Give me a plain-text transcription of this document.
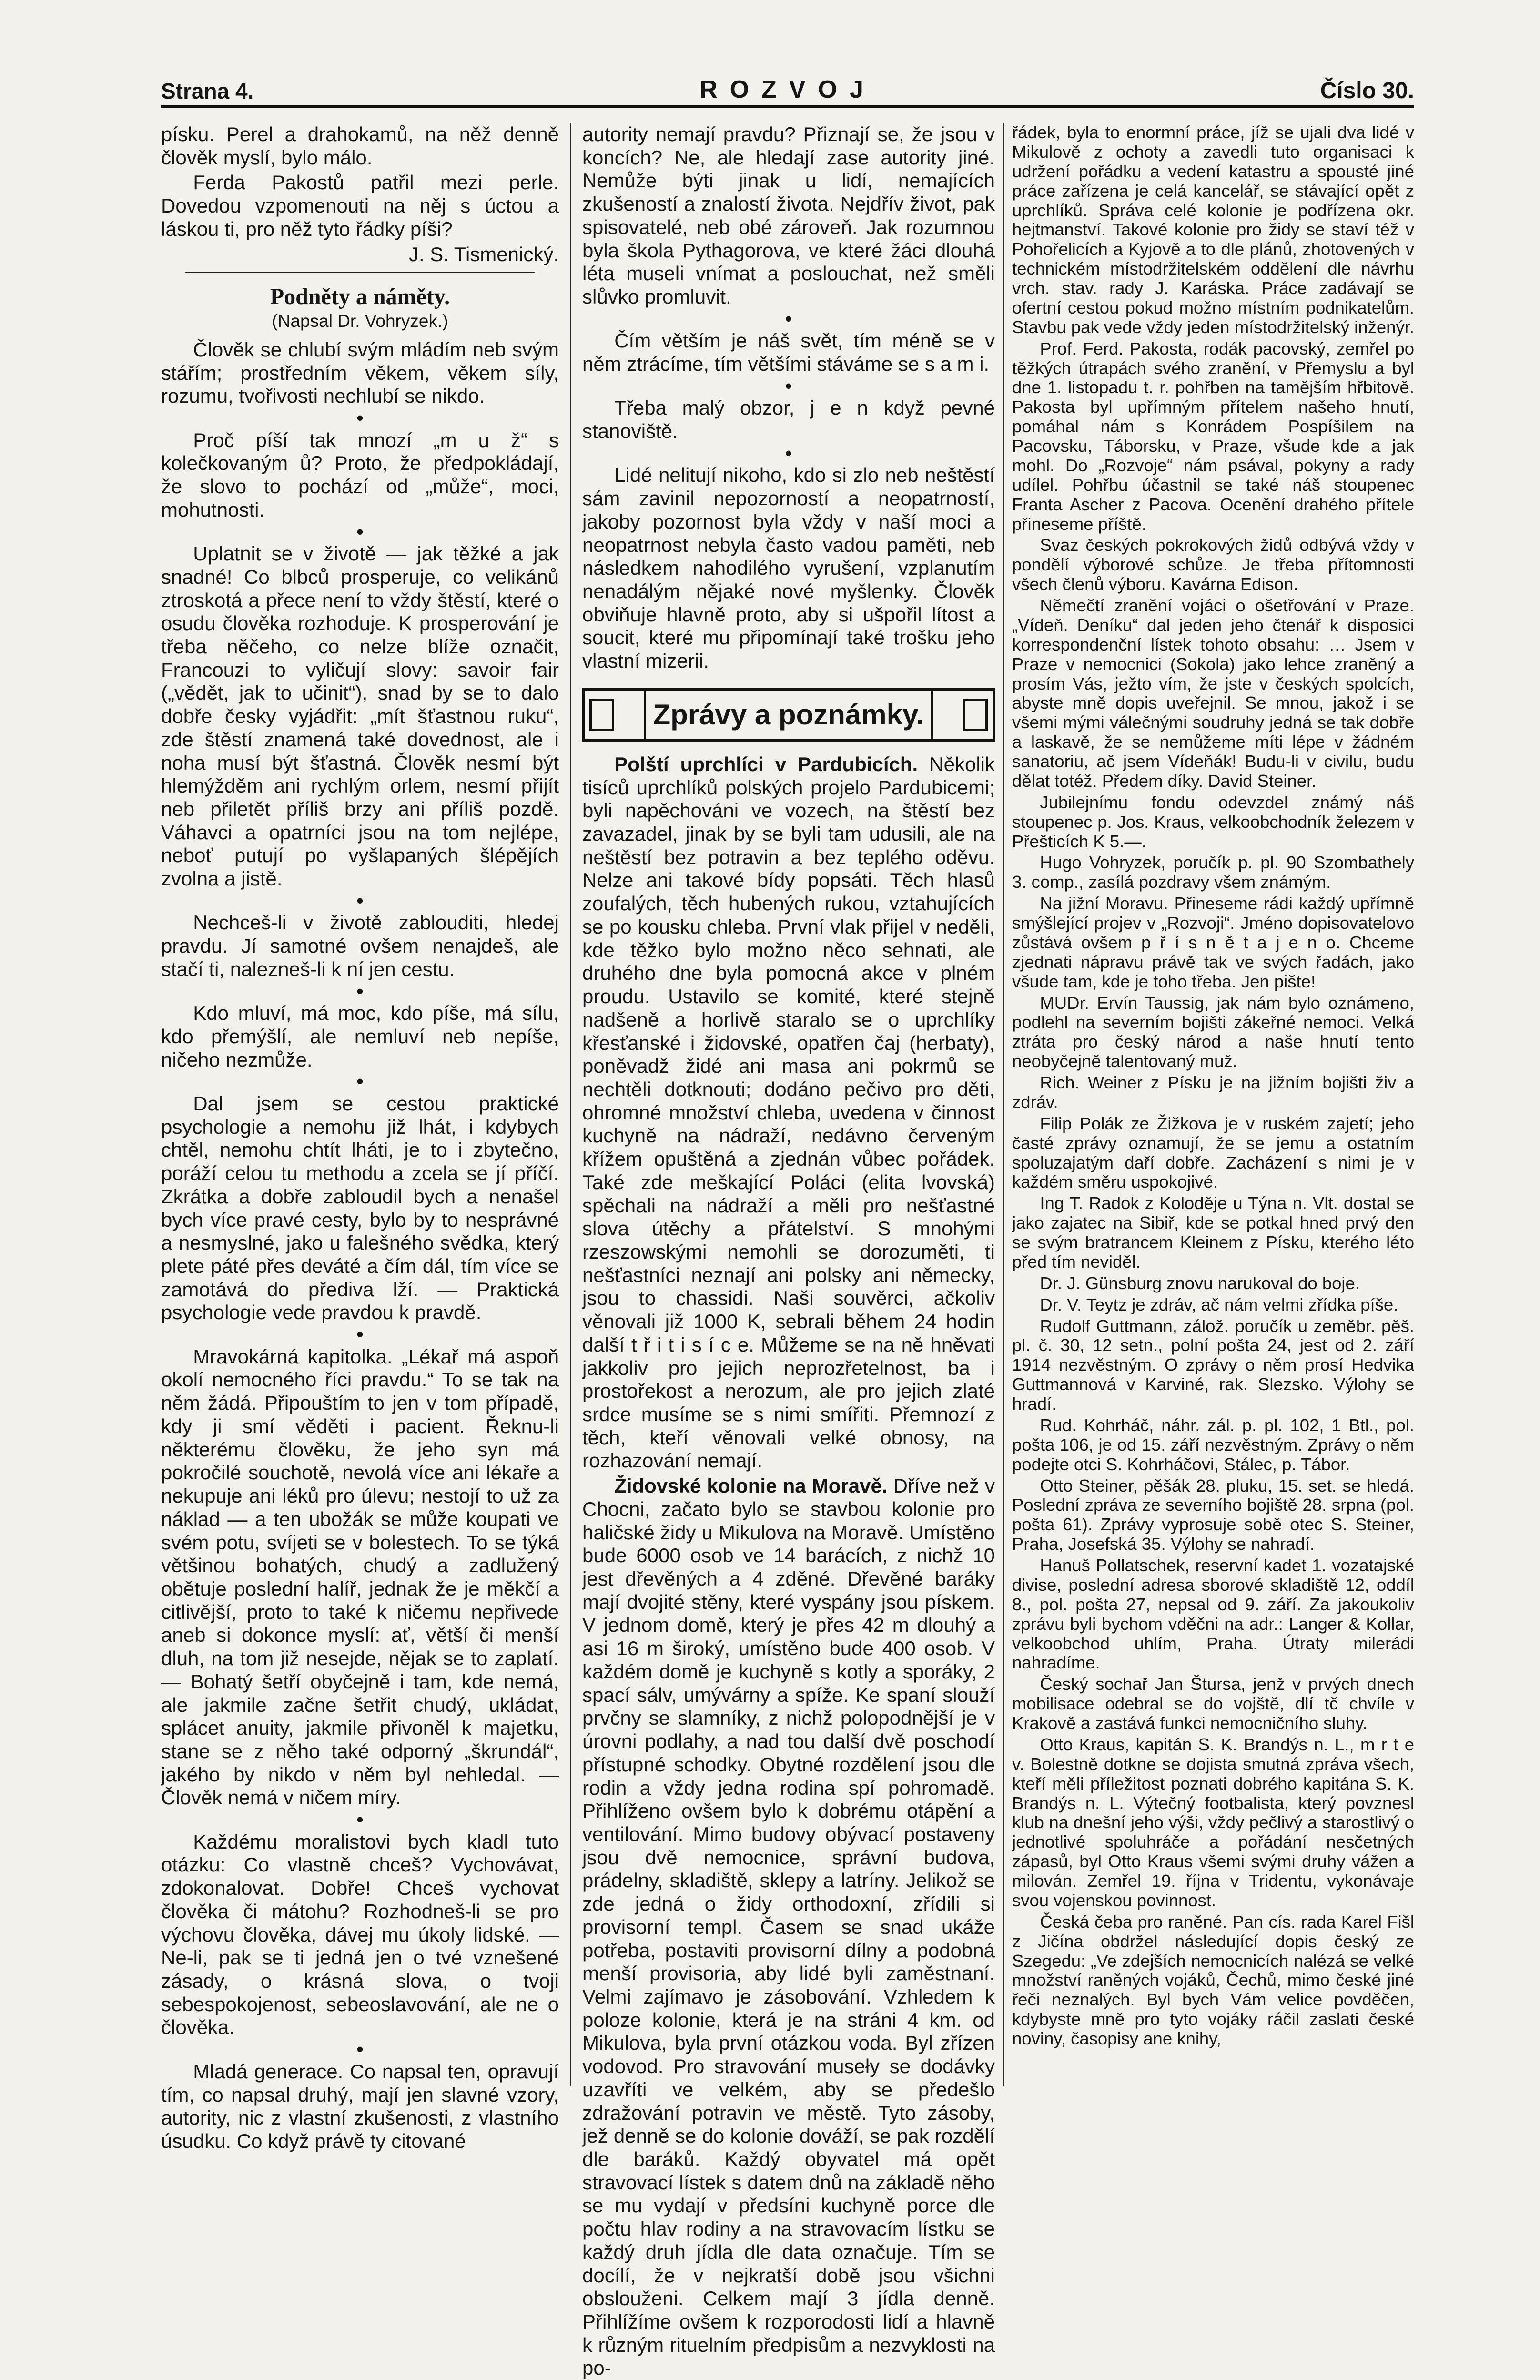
Strana 4.	ROZVOJ	Číslo 30.

písku. Perel a drahokamů, na něž denně člověk myslí, bylo málo.

Ferda Pakostů patřil mezi perle. Dovedou vzpomenouti na něj s úctou a láskou ti, pro něž tyto řádky píši?

J. S. Tismenický.
Podněty a náměty.
(Napsal Dr. Vohryzek.)

Člověk se chlubí svým mládím neb svým stářím; prostředním věkem, věkem síly, rozumu, tvořivosti nechlubí se nikdo.

•

Proč píší tak mnozí „m u ž“ s kolečkovaným ů? Proto, že předpokládají, že slovo to pochází od „může“, moci, mohutnosti.

•

Uplatnit se v životě — jak těžké a jak snadné! Co blbců prosperuje, co velikánů ztroskotá a přece není to vždy štěstí, které o osudu člověka rozhoduje. K prosperování je třeba něčeho, co nelze blíže označit, Francouzi to vyličují slovy: savoir fair („vědět, jak to učinit“), snad by se to dalo dobře česky vyjádřit: „mít šťastnou ruku“, zde štěstí znamená také dovednost, ale i noha musí být šťastná. Člověk nesmí být hlemýžděm ani rychlým orlem, nesmí přijít neb přiletět příliš brzy ani příliš pozdě. Váhavci a opatrníci jsou na tom nejlépe, neboť putují po vyšlapaných šlépějích zvolna a jistě.

•

Nechceš-li v životě zablouditi, hledej pravdu. Jí samotné ovšem nenajdeš, ale stačí ti, nalezneš-li k ní jen cestu.

•

Kdo mluví, má moc, kdo píše, má sílu, kdo přemýšlí, ale nemluví neb nepíše, ničeho nezmůže.

•

Dal jsem se cestou praktické psychologie a nemohu již lhát, i kdybych chtěl, nemohu chtít lháti, je to i zbytečno, poráží celou tu methodu a zcela se jí příčí. Zkrátka a dobře zabloudil bych a nenašel bych více pravé cesty, bylo by to nesprávné a nesmyslné, jako u falešného svědka, který plete páté přes deváté a čím dál, tím více se zamotává do přediva lží. — Praktická psychologie vede pravdou k pravdě.

•

Mravokárná kapitolka. „Lékař má aspoň okolí nemocného říci pravdu.“ To se tak na něm žádá. Připouštím to jen v tom případě, kdy ji smí věděti i pacient. Řeknu-li některému člověku, že jeho syn má pokročilé souchotě, nevolá více ani lékaře a nekupuje ani léků pro úlevu; nestojí to už za náklad — a ten ubožák se může koupati ve svém potu, svíjeti se v bolestech. To se týká většinou bohatých, chudý a zadlužený obětuje poslední halíř, jednak že je měkčí a citlivější, proto to také k ničemu nepřivede aneb si dokonce myslí: ať, větší či menší dluh, na tom již nesejde, nějak se to zaplatí. — Bohatý šetří obyčejně i tam, kde nemá, ale jakmile začne šetřit chudý, ukládat, splácet anuity, jakmile přivoněl k majetku, stane se z něho také odporný „škrundál“, jakého by nikdo v něm byl nehledal. — Člověk nemá v ničem míry.

•

Každému moralistovi bych kladl tuto otázku: Co vlastně chceš? Vychovávat, zdokonalovat. Dobře! Chceš vychovat člověka či mátohu? Rozhodneš-li se pro výchovu člověka, dávej mu úkoly lidské. — Ne-li, pak se ti jedná jen o tvé vznešené zásady, o krásná slova, o tvoji sebespokojenost, sebeoslavování, ale ne o člověka.

•

Mladá generace. Co napsal ten, opravují tím, co napsal druhý, mají jen slavné vzory, autority, nic z vlastní zkušenosti, z vlastního úsudku. Co když právě ty citované

autority nemají pravdu? Přiznají se, že jsou v koncích? Ne, ale hledají zase autority jiné. Nemůže býti jinak u lidí, nemajících zkušeností a znalostí života. Nejdřív život, pak spisovatelé, neb obé zároveň. Jak rozumnou byla škola Pythagorova, ve které žáci dlouhá léta museli vnímat a poslouchat, než směli slůvko promluvit.

•

Čím větším je náš svět, tím méně se v něm ztrácíme, tím většími stáváme se s a m i.

•

Třeba malý obzor, j e n když pevné stanoviště.

•

Lidé nelitují nikoho, kdo si zlo neb neštěstí sám zavinil nepozorností a neopatrností, jakoby pozornost byla vždy v naší moci a neopatrnost nebyla často vadou paměti, neb následkem nahodilého vyrušení, vzplanutím nenadálým nějaké nové myšlenky. Člověk obviňuje hlavně proto, aby si ušpořil lítost a soucit, které mu připomínají také trošku jeho vlastní mizerii.

Zprávy a poznámky.

Polští uprchlíci v Pardubicích. Několik tisíců uprchlíků polských projelo Pardubicemi; byli napěchováni ve vozech, na štěstí bez zavazadel, jinak by se byli tam udusili, ale na neštěstí bez potravin a bez teplého oděvu. Nelze ani takové bídy popsáti. Těch hlasů zoufalých, těch hubených rukou, vztahujících se po kousku chleba. První vlak přijel v neděli, kde těžko bylo možno něco sehnati, ale druhého dne byla pomocná akce v plném proudu. Ustavilo se komité, které stejně nadšeně a horlivě staralo se o uprchlíky křesťanské i židovské, opatřen čaj (herbaty), poněvadž židé ani masa ani pokrmů se nechtěli dotknouti; dodáno pečivo pro děti, ohromné množství chleba, uvedena v činnost kuchyně na nádraží, nedávno červeným křížem opuštěná a zjednán vůbec pořádek. Také zde meškající Poláci (elita lvovská) spěchali na nádraží a měli pro nešťastné slova útěchy a přátelství. S mnohými rzeszowskými nemohli se dorozuměti, ti nešťastníci neznají ani polsky ani německy, jsou to chassidi. Naši souvěrci, ačkoliv věnovali již 1000 K, sebrali během 24 hodin další t ř i t i s í c e. Můžeme se na ně hněvati jakkoliv pro jejich neprozřetelnost, ba i prostořekost a nerozum, ale pro jejich zlaté srdce musíme se s nimi smířiti. Přemnozí z těch, kteří věnovali velké obnosy, na rozhazování nemají.

Židovské kolonie na Moravě. Dříve než v Chocni, začato bylo se stavbou kolonie pro haličské židy u Mikulova na Moravě. Umístěno bude 6000 osob ve 14 barácích, z nichž 10 jest dřevěných a 4 zděné. Dřevěné baráky mají dvojité stěny, které vyspány jsou pískem. V jednom domě, který je přes 42 m dlouhý a asi 16 m široký, umístěno bude 400 osob. V každém domě je kuchyně s kotly a sporáky, 2 spací sálv, umývárny a spíže. Ke spaní slouží prvčny se slamníky, z nichž polopodnější je v úrovni podlahy, a nad tou další dvě poschodí přístupné schodky. Obytné rozdělení jsou dle rodin a vždy jedna rodina spí pohromadě. Přihlíženo ovšem bylo k dobrému otápění a ventilování. Mimo budovy obývací postaveny jsou dvě nemocnice, správní budova, prádelny, skladiště, sklepy a latríny. Jelikož se zde jedná o židy orthodoxní, zřídili si provisorní templ. Časem se snad ukáže potřeba, postaviti provisorní dílny a podobná menší provisoria, aby lidé byli zaměstnaní. Velmi zajímavo je zásobování. Vzhledem k poloze kolonie, která je na stráni 4 km. od Mikulova, byla první otázkou voda. Byl zřízen vodovod. Pro stravování museły se dodávky uzavříti ve velkém, aby se předešlo zdražování potravin ve městě. Tyto zásoby, jež denně se do kolonie dováží, se pak rozdělí dle baráků. Každý obyvatel má opět stravovací lístek s datem dnů na základě něho se mu vydají v předsíni kuchyně porce dle počtu hlav rodiny a na stravovacím lístku se každý druh jídla dle data označuje. Tím se docílí, že v nejkratší době jsou všichni obslouženi. Celkem mají 3 jídla denně. Přihlížíme ovšem k rozporodosti lidí a hlavně k různým rituelním předpisům a nezvyklosti na po-

řádek, byla to enormní práce, jíž se ujali dva lidé v Mikulově z ochoty a zavedli tuto organisaci k udržení pořádku a vedení katastru a spousté jiné práce zařízena je celá kancelář, se stávající opět z uprchlíků. Správa celé kolonie je podřízena okr. hejtmanství. Takové kolonie pro židy se staví též v Pohořelicích a Kyjově a to dle plánů, zhotovených v technickém místodržitelském oddělení dle návrhu vrch. stav. rady J. Karáska. Práce zadávají se ofertní cestou pokud možno místním podnikatelům. Stavbu pak vede vždy jeden místodržitelský inženýr.

Prof. Ferd. Pakosta, rodák pacovský, zemřel po těžkých útrapách svého zranění, v Přemyslu a byl dne 1. listopadu t. r. pohřben na tamějším hřbitově. Pakosta byl upřímným přítelem našeho hnutí, pomáhal nám s Konrádem Pospíšilem na Pacovsku, Táborsku, v Praze, všude kde a jak mohl. Do „Rozvoje“ nám psával, pokyny a rady udílel. Pohřbu účastnil se také náš stoupenec Franta Ascher z Pacova. Ocenění drahého přítele přineseme příště.

Svaz českých pokrokových židů odbývá vždy v pondělí výborové schůze. Je třeba přítomnosti všech členů výboru. Kavárna Edison.

Němečtí zranění vojáci o ošetřování v Praze. „Vídeň. Deníku“ dal jeden jeho čtenář k disposici korrespondenční lístek tohoto obsahu: … Jsem v Praze v nemocnici (Sokola) jako lehce zraněný a prosím Vás, ježto vím, že jste v českých spolcích, abyste mně dopis uveřejnil. Se mnou, jakož i se všemi mými válečnými soudruhy jedná se tak dobře a laskavě, že se nemůžeme míti lépe v žádném sanatoriu, ač jsem Vídeňák! Budu-li v civilu, budu dělat totéž. Předem díky. David Steiner.

Jubilejnímu fondu odevzdel známý náš stoupenec p. Jos. Kraus, velkoobchodník železem v Přešticích K 5.—.

Hugo Vohryzek, poručík p. pl. 90 Szombathely 3. comp., zasílá pozdravy všem známým.

Na jižní Moravu. Přineseme rádi každý upřímně smýšlející projev v „Rozvoji“. Jméno dopisovatelovo zůstává ovšem p ř í s n ě t a j e n o. Chceme zjednati nápravu právě tak ve svých řadách, jako všude tam, kde je toho třeba. Jen pište!

MUDr. Ervín Taussig, jak nám bylo oznámeno, podlehl na severním bojišti zákeřné nemoci. Velká ztráta pro český národ a naše hnutí tento neobyčejně talentovaný muž.

Rich. Weiner z Písku je na jižním bojišti živ a zdráv.

Filip Polák ze Žižkova je v ruském zajetí; jeho časté zprávy oznamují, že se jemu a ostatním spoluzajatým daří dobře. Zacházení s nimi je v každém směru uspokojivé.

Ing T. Radok z Koloděje u Týna n. Vlt. dostal se jako zajatec na Sibiř, kde se potkal hned prvý den se svým bratrancem Kleinem z Písku, kterého léto před tím neviděl.

Dr. J. Günsburg znovu narukoval do boje.

Dr. V. Teytz je zdráv, ač nám velmi zřídka píše.

Rudolf Guttmann, zálož. poručík u zeměbr. pěš. pl. č. 30, 12 setn., polní pošta 24, jest od 2. září 1914 nezvěstným. O zprávy o něm prosí Hedvika Guttmannová v Karviné, rak. Slezsko. Výlohy se hradí.

Rud. Kohrháč, náhr. zál. p. pl. 102, 1 Btl., pol. pošta 106, je od 15. září nezvěstným. Zprávy o něm podejte otci S. Kohrháčovi, Stálec, p. Tábor.

Otto Steiner, pěšák 28. pluku, 15. set. se hledá. Poslední zpráva ze severního bojiště 28. srpna (pol. pošta 61). Zprávy vyprosuje sobě otec S. Steiner, Praha, Josefská 35. Výlohy se nahradí.

Hanuš Pollatschek, reservní kadet 1. vozatajské divise, poslední adresa sborové skladiště 12, oddíl 8., pol. pošta 27, nepsal od 9. září. Za jakoukoliv zprávu byli bychom vděčni na adr.: Langer & Kollar, velkoobchod uhlím, Praha. Útraty milerádi nahradíme.

Český sochař Jan Štursa, jenž v prvých dnech mobilisace odebral se do vojště, dlí tč chvíle v Krakově a zastává funkci nemocničního sluhy.

Otto Kraus, kapitán S. K. Brandýs n. L., m r t e v. Bolestně dotkne se dojista smutná zpráva všech, kteří měli příležitost poznati dobrého kapitána S. K. Brandýs n. L. Výtečný footbalista, který povznesl klub na dnešní jeho výši, vždy pečlivý a starostlivý o jednotlivé spoluhráče a pořádání nesčetných zápasů, byl Otto Kraus všemi svými druhy vážen a milován. Zemřel 19. října v Tridentu, vykonávaje svou vojenskou povinnost.

Česká čeba pro raněné. Pan cís. rada Karel Fišl z Jičína obdržel následující dopis český ze Szegedu: „Ve zdejších nemocnicích nalézá se velké množství raněných vojáků, Čechů, mimo české jiné řeči neznalých. Byl bych Vám velice povděčen, kdybyste mně pro tyto vojáky ráčil zaslati české noviny, časopisy ane knihy,
